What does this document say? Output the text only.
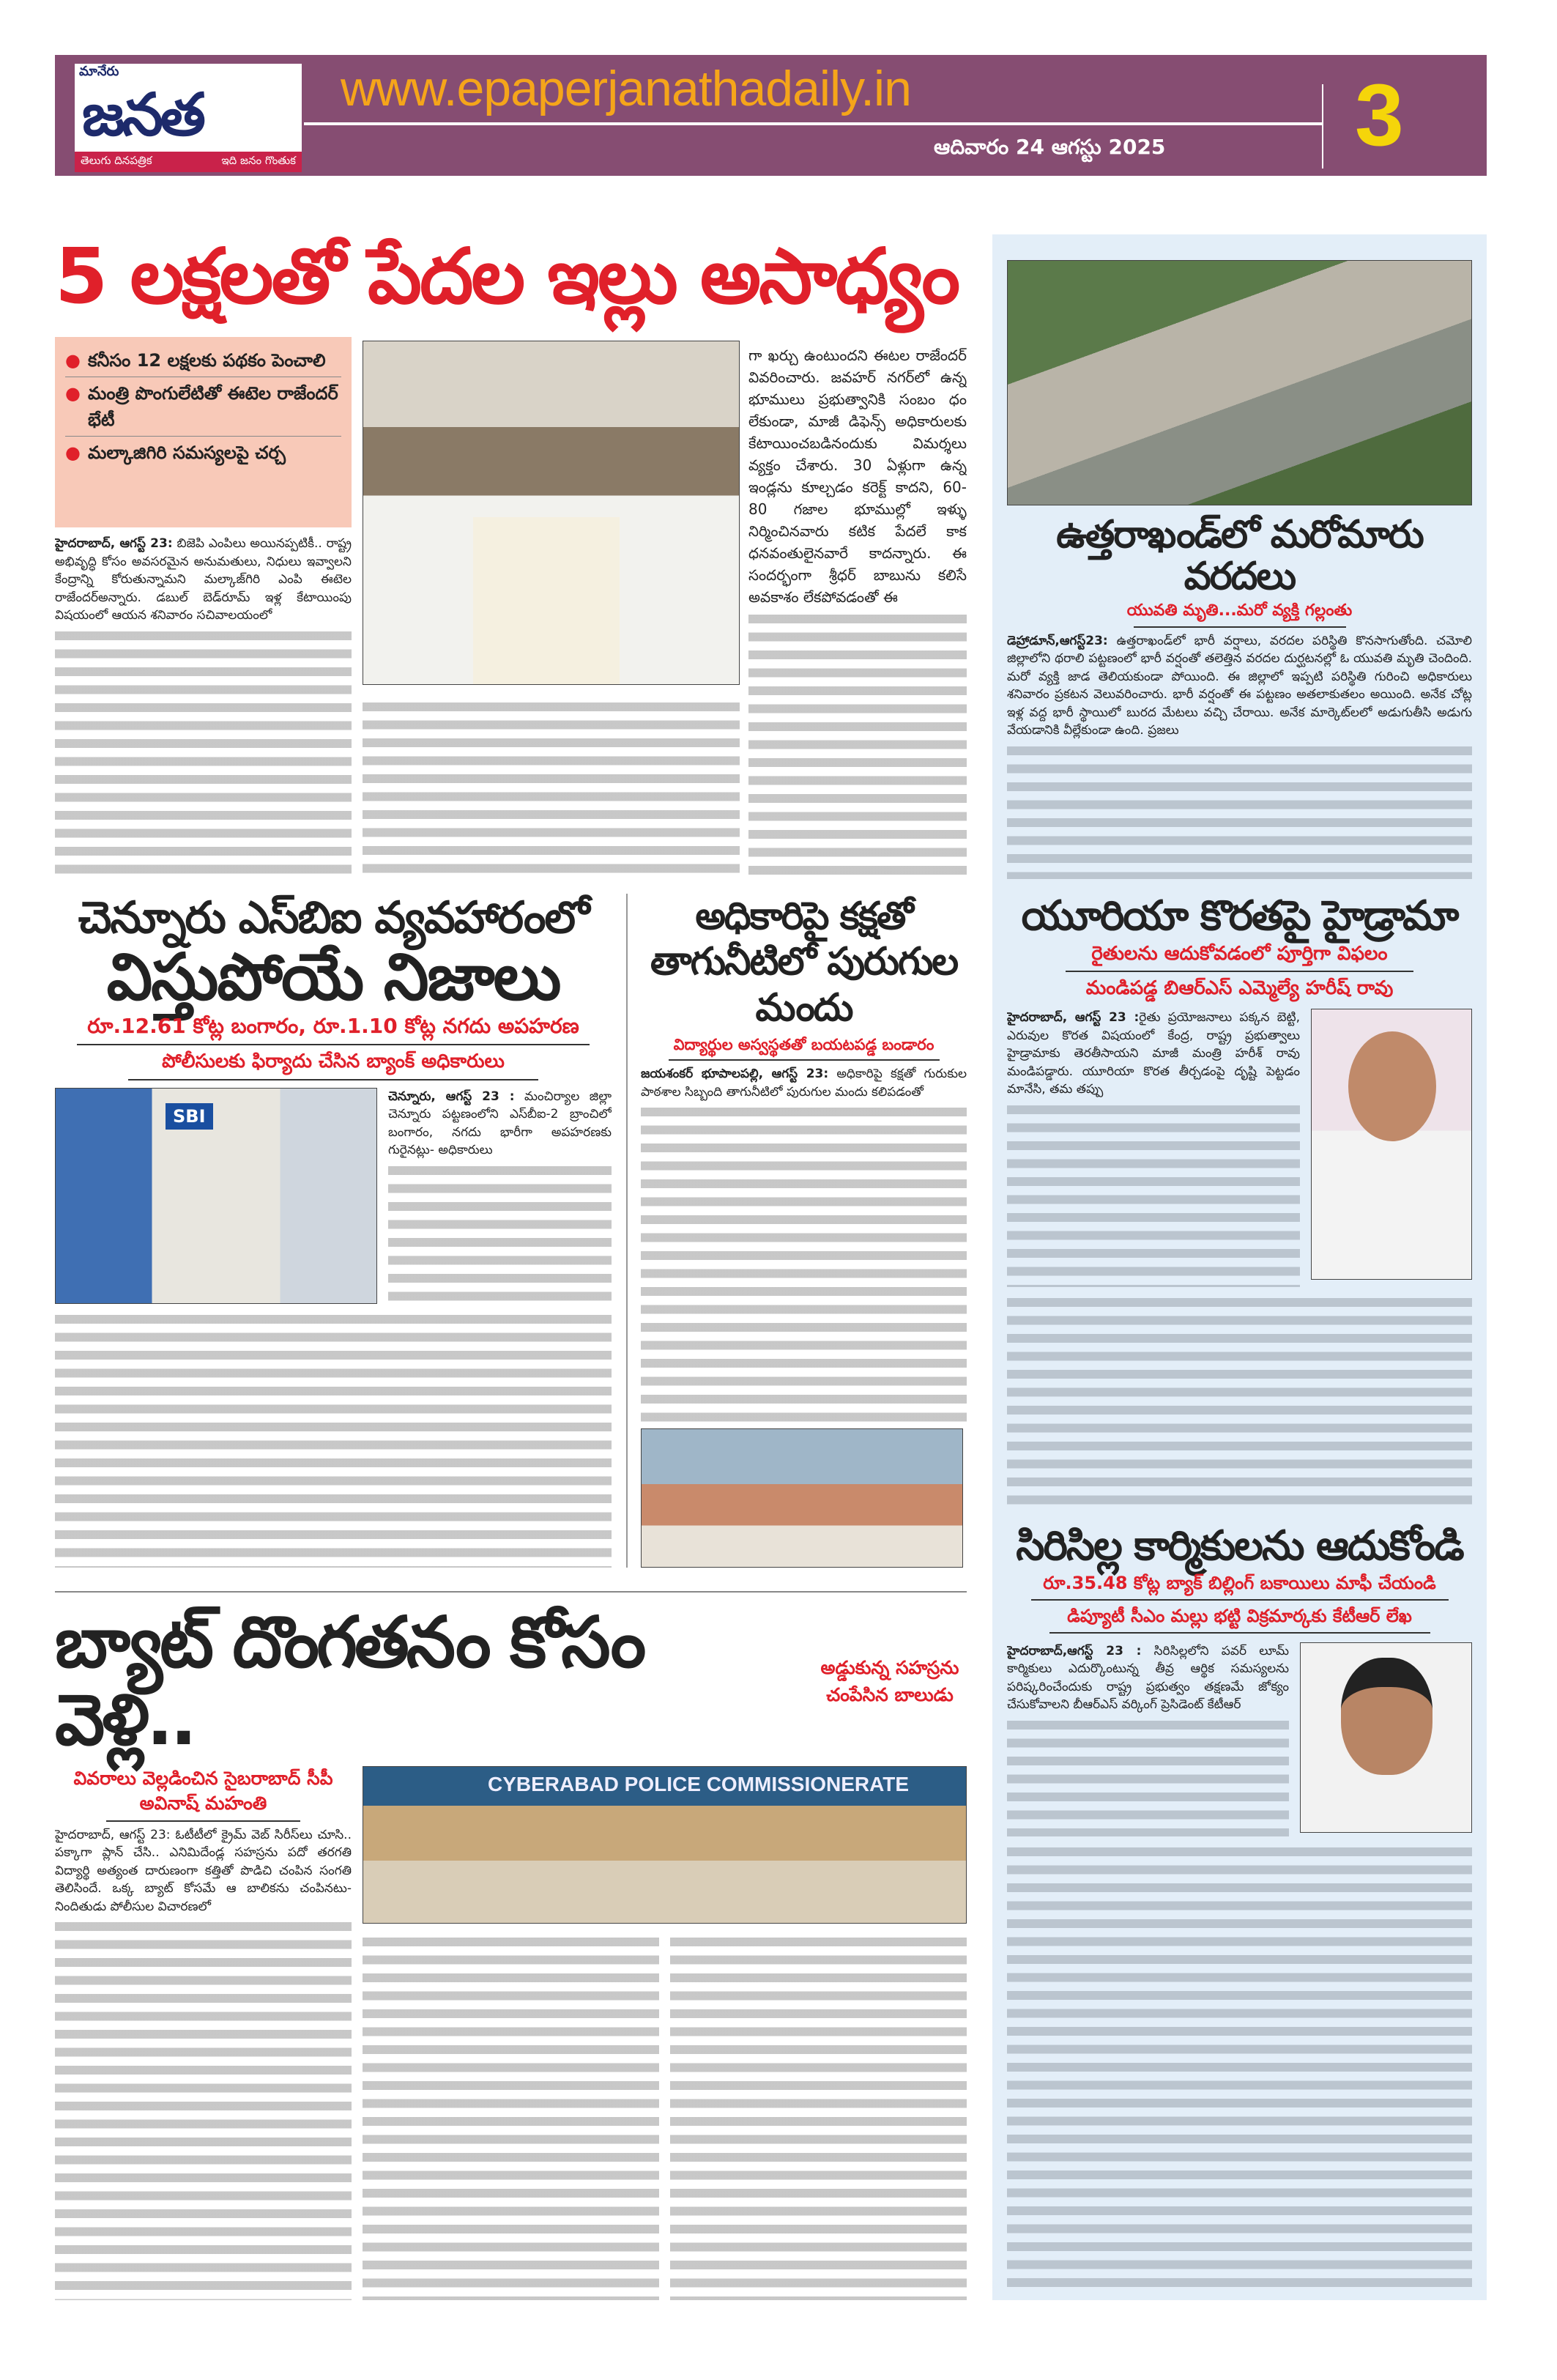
మానేరు
జనత
తెలుగు దినపత్రిక	ఇది జనం గొంతుక
www.epaperjanathadaily.in
ఆదివారం 24 ఆగస్టు 2025 3
5 లక్షలతో పేదల ఇల్లు అసాధ్యం
● కనీసం 12 లక్షలకు పథకం పెంచాలి
● మంత్రి పొంగులేటితో ఈటెల రాజేందర్ భేటీ
● మల్కాజిగిరి సమస్యలపై చర్చ

హైదరాబాద్, ఆగస్ట్ 23: బిజెపి ఎంపిలు అయినప్పటికీ.. రాష్ట్ర అభివృద్ధి కోసం అవసరమైన అనుమతులు, నిధులు ఇవ్వాలని కేంద్రాన్ని కోరుతున్నామని మల్కాజ్‌గిరి ఎంపి ఈటెల రాజేందర్‌అన్నారు. డబుల్ బెడ్‌రూమ్ ఇళ్ల కేటాయింపు విషయంలో ఆయన శనివారం సచివాలయంలో

గా ఖర్చు ఉంటుందని ఈటల రాజేందర్ వివరించారు. జవహర్ నగర్‌లో ఉన్న భూములు ప్రభుత్వానికి సంబం ధం లేకుండా, మాజీ డిఫెన్స్ అధికారులకు కేటాయించబడినందుకు విమర్శలు వ్యక్తం చేశారు. 30 ఏళ్లుగా ఉన్న ఇండ్లను కూల్చడం కరెక్ట్ కాదని, 60-80 గజాల భూముల్లో ఇళ్ళు నిర్మించినవారు కటిక పేదలే కాక ధనవంతులైనవారే కాదన్నారు. ఈ సందర్భంగా శ్రీధర్ బాబును కలిసే అవకాశం లేకపోవడంతో ఈ

చెన్నూరు ఎస్‌బిఐ వ్యవహారంలో
విస్తుపోయే నిజాలు
రూ.12.61 కోట్ల బంగారం, రూ.1.10 కోట్ల నగదు అపహరణ
పోలీసులకు ఫిర్యాదు చేసిన బ్యాంక్ అధికారులు
SBI

చెన్నూరు, ఆగస్ట్ 23 : మంచిర్యాల జిల్లా చెన్నూరు పట్టణంలోని ఎస్‌బీఐ-2 బ్రాంచిలో బంగారం, నగదు భారీగా అపహరణకు గురైనట్లు- అధికారులు

అధికారిపై కక్షతో తాగునీటిలో పురుగుల మందు
విద్యార్థుల అస్వస్థతతో బయటపడ్డ బండారం

జయశంకర్ భూపాలపల్లి, ఆగస్ట్ 23: అధికారిపై కక్షతో గురుకుల పాఠశాల సిబ్బంది తాగునీటిలో పురుగుల మందు కలిపడంతో

బ్యాట్ దొంగతనం కోసం వెళ్లి..
అడ్డుకున్న సహస్రను చంపేసిన బాలుడు
వివరాలు వెల్లడించిన సైబరాబాద్ సీపీ అవినాష్ మహంతి

హైదరాబాద్, ఆగస్ట్ 23: ఓటీటీలో క్రైమ్ వెబ్ సిరీస్‌లు చూసి.. పక్కాగా ప్లాన్ చేసి.. ఎనిమిదేండ్ల సహస్రను పదో తరగతి విద్యార్థి అత్యంత దారుణంగా కత్తితో పొడిచి చంపిన సంగతి తెలిసిందే. ఒక్క బ్యాట్ కోసమే ఆ బాలికను చంపినటు- నిందితుడు పోలీసుల విచారణలో

CYBERABAD POLICE COMMISSIONERATE
ఉత్తరాఖండ్‌లో మరోమారు వరదలు
యువతి మృతి...మరో వ్యక్తి గల్లంతు

డెహ్రాడూన్,ఆగస్ట్23: ఉత్తరాఖండ్‌లో భారీ వర్షాలు, వరదల పరిస్థితి కొనసాగుతోంది. చమోలి జిల్లాలోని థరాలి పట్టణంలో భారీ వర్షంతో తలెత్తిన వరదల దుర్ఘటనల్లో ఓ యువతి మృతి చెందింది. మరో వ్యక్తి జాడ తెలియకుండా పోయింది. ఈ జిల్లాలో ఇప్పటి పరిస్థితి గురించి అధికారులు శనివారం ప్రకటన వెలువరించారు. భారీ వర్షంతో ఈ పట్టణం అతలాకుతలం అయింది. అనేక చోట్ల ఇళ్ల వద్ద భారీ స్థాయిలో బురద మేటలు వచ్చి చేరాయి. అనేక మార్కెట్‌లలో అడుగుతీసి అడుగు వేయడానికి వీల్లేకుండా ఉంది. ప్రజలు

యూరియా కొరతపై హైడ్రామా
రైతులను ఆదుకోవడంలో పూర్తిగా విఫలం
మండిపడ్డ బిఆర్‌ఎస్ ఎమ్మెల్యే హరీష్ రావు

హైదరాబాద్, ఆగస్ట్ 23 :రైతు ప్రయోజనాలు పక్కన బెట్టి, ఎరువుల కొరత విషయంలో కేంద్ర, రాష్ట్ర ప్రభుత్వాలు హైడ్రామాకు తెరతీసాయని మాజీ మంత్రి హరీశ్ రావు మండిపడ్డారు. యూరియా కొరత తీర్చడంపై దృష్టి పెట్టడం మానేసి, తమ తప్పు

సిరిసిల్ల కార్మికులను ఆదుకోండి
రూ.35.48 కోట్ల బ్యాక్ బిల్లింగ్ బకాయిలు మాఫీ చేయండి
డిప్యూటీ సీఎం మల్లు భట్టి విక్రమార్కకు కేటీఆర్ లేఖ

హైదరాబాద్,ఆగస్ట్ 23 : సిరిసిల్లలోని పవర్ లూమ్ కార్మికులు ఎదుర్కొంటున్న తీవ్ర ఆర్థిక సమస్యలను పరిష్కరించేందుకు రాష్ట్ర ప్రభుత్వం తక్షణమే జోక్యం చేసుకోవాలని బీఆర్‌ఎస్ వర్కింగ్ ప్రెసిడెంట్ కేటీఆర్
